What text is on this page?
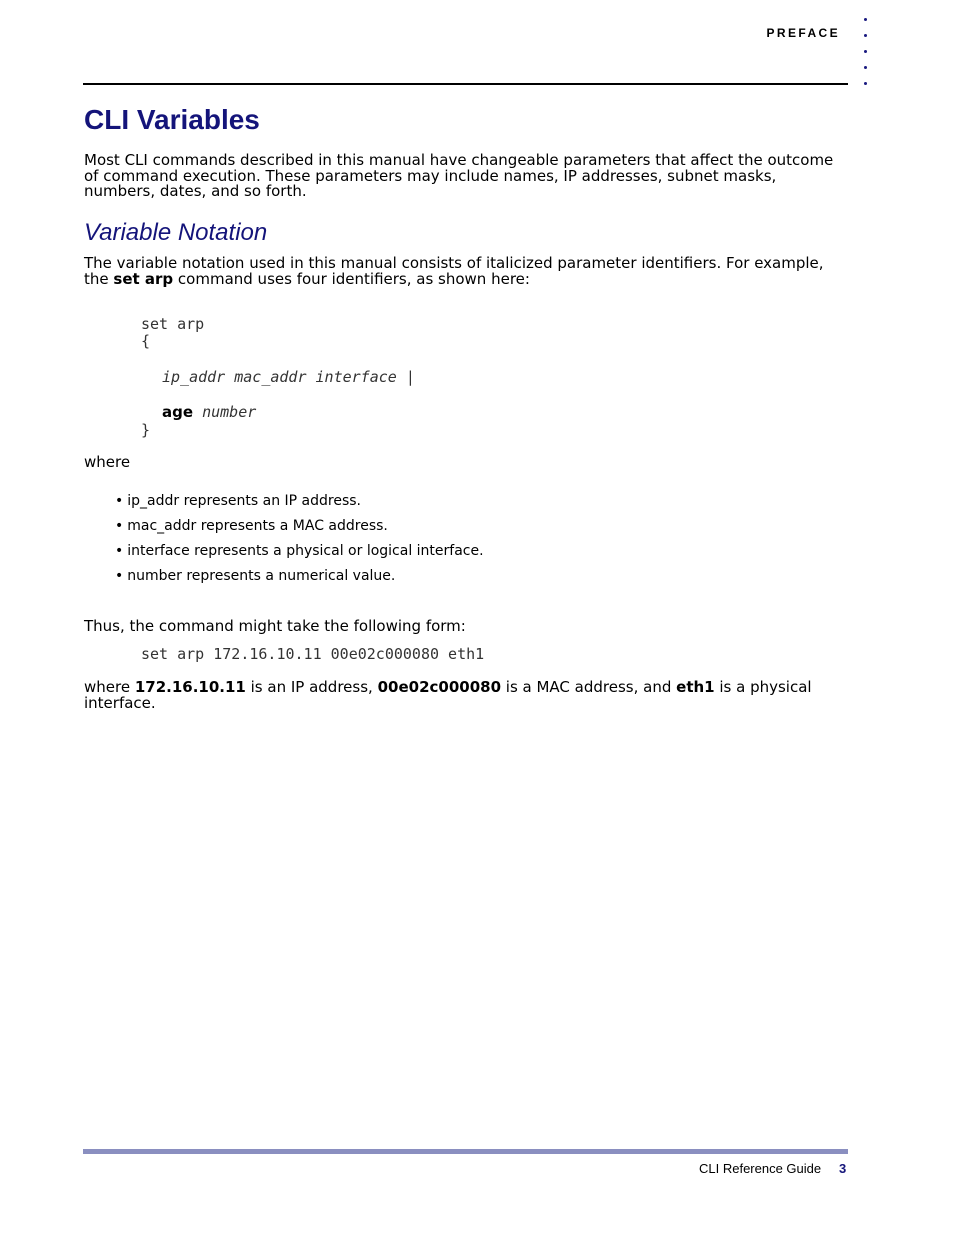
PREFACE
CLI Variables

Most CLI commands described in this manual have changeable parameters that affect the outcome of command execution. These parameters may include names, IP addresses, subnet masks, numbers, dates, and so forth.

Variable Notation

The variable notation used in this manual consists of italicized parameter identifiers. For example, the set arp command uses four identifiers, as shown here:

set arp
{
ip_addr mac_addr interface |
age number
}

where

• ip_addr represents an IP address.
• mac_addr represents a MAC address.
• interface represents a physical or logical interface.
• number represents a numerical value.

Thus, the command might take the following form:

set arp 172.16.10.11 00e02c000080 eth1

where 172.16.10.11 is an IP address, 00e02c000080 is a MAC address, and eth1 is a physical interface.

CLI Reference Guide 3
